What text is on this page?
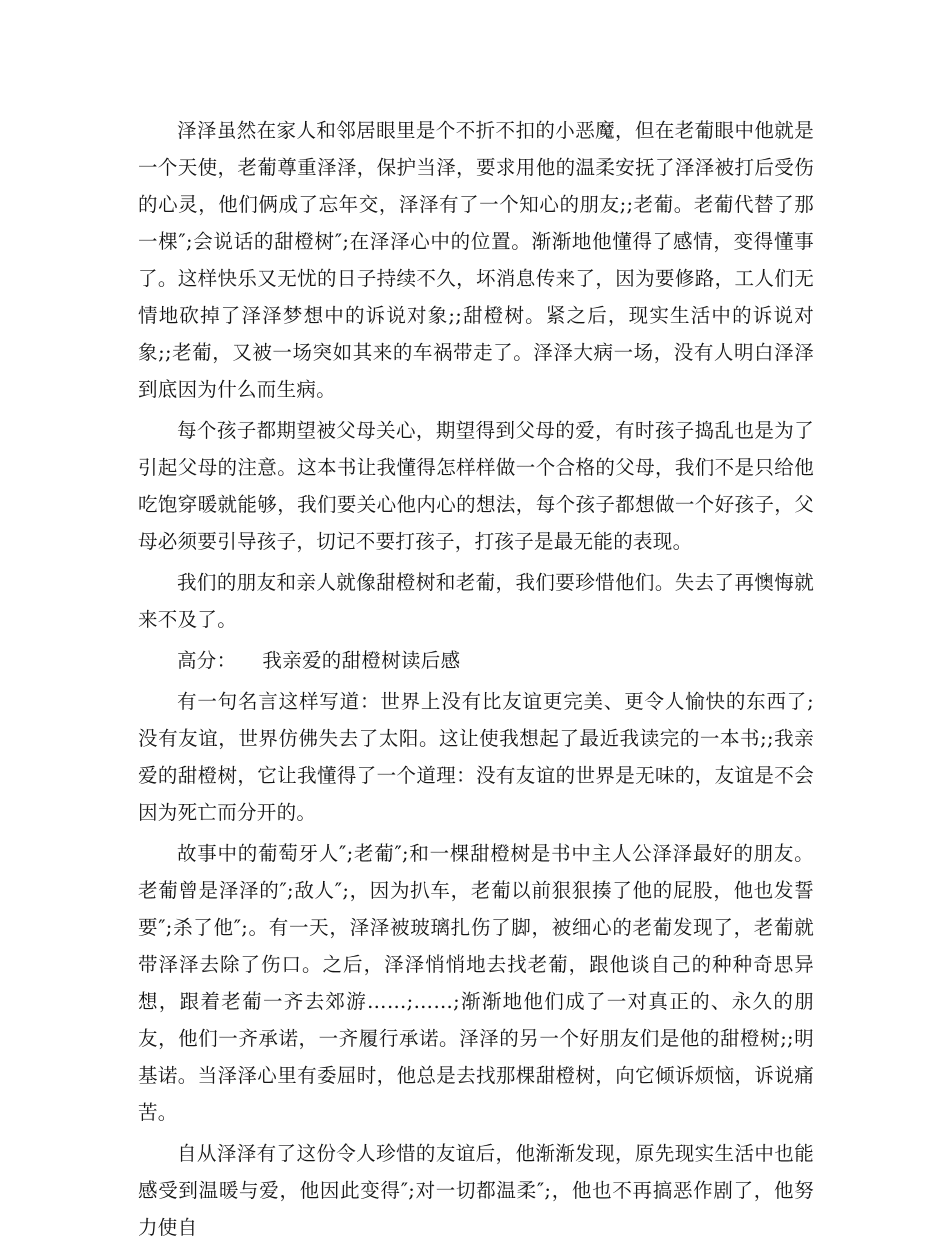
泽泽虽然在家人和邻居眼里是个不折不扣的小恶魔，但在老葡眼中他就是一个天使，老葡尊重泽泽，保护当泽，要求用他的温柔安抚了泽泽被打后受伤的心灵，他们俩成了忘年交，泽泽有了一个知心的朋友;;老葡。老葡代替了那一棵″;会说话的甜橙树″;在泽泽心中的位置。渐渐地他懂得了感情，变得懂事了。这样快乐又无忧的日子持续不久，坏消息传来了，因为要修路，工人们无情地砍掉了泽泽梦想中的诉说对象;;甜橙树。紧之后，现实生活中的诉说对象;;老葡，又被一场突如其来的车祸带走了。泽泽大病一场，没有人明白泽泽到底因为什么而生病。

每个孩子都期望被父母关心，期望得到父母的爱，有时孩子捣乱也是为了引起父母的注意。这本书让我懂得怎样样做一个合格的父母，我们不是只给他吃饱穿暖就能够，我们要关心他内心的想法，每个孩子都想做一个好孩子，父母必须要引导孩子，切记不要打孩子，打孩子是最无能的表现。

我们的朋友和亲人就像甜橙树和老葡，我们要珍惜他们。失去了再懊悔就来不及了。

高分： 我亲爱的甜橙树读后感

有一句名言这样写道：世界上没有比友谊更完美、更令人愉快的东西了;没有友谊，世界仿佛失去了太阳。这让使我想起了最近我读完的一本书;;我亲爱的甜橙树，它让我懂得了一个道理：没有友谊的世界是无味的，友谊是不会因为死亡而分开的。

故事中的葡萄牙人″;老葡″;和一棵甜橙树是书中主人公泽泽最好的朋友。老葡曾是泽泽的″;敌人″;，因为扒车，老葡以前狠狠揍了他的屁股，他也发誓要″;杀了他″;。有一天，泽泽被玻璃扎伤了脚，被细心的老葡发现了，老葡就带泽泽去除了伤口。之后，泽泽悄悄地去找老葡，跟他谈自己的种种奇思异想，跟着老葡一齐去郊游……;……;渐渐地他们成了一对真正的、永久的朋友，他们一齐承诺，一齐履行承诺。泽泽的另一个好朋友们是他的甜橙树;;明基诺。当泽泽心里有委屈时，他总是去找那棵甜橙树，向它倾诉烦恼，诉说痛苦。

自从泽泽有了这份令人珍惜的友谊后，他渐渐发现，原先现实生活中也能感受到温暖与爱，他因此变得″;对一切都温柔″;，他也不再搞恶作剧了，他努力使自
